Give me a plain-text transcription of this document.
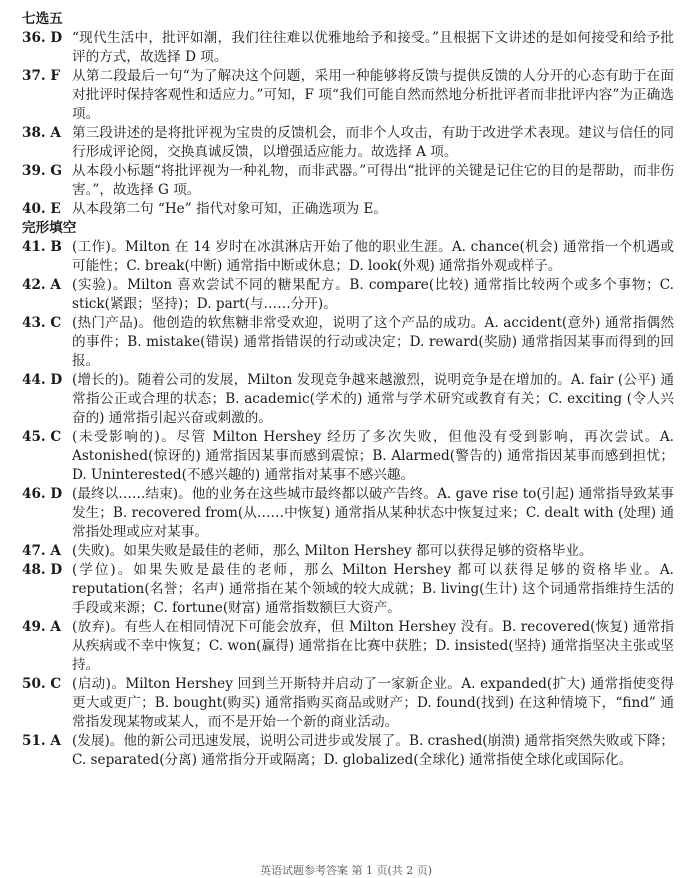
七选五

36. D “现代生活中，批评如潮，我们往往难以优雅地给予和接受。”且根据下文讲述的是如何接受和给予批评的方式，故选择 D 项。
37. F 从第二段最后一句“为了解决这个问题，采用一种能够将反馈与提供反馈的人分开的心态有助于在面对批评时保持客观性和适应力。”可知，F 项“我们可能自然而然地分析批评者而非批评内容”为正确选项。
38. A 第三段讲述的是将批评视为宝贵的反馈机会，而非个人攻击，有助于改进学术表现。建议与信任的同行形成评论阅，交换真诚反馈，以增强适应能力。故选择 A 项。
39. G 从本段小标题“将批评视为一种礼物，而非武器。”可得出“批评的关键是记住它的目的是帮助，而非伤害。”，故选择 G 项。
40. E 从本段第二句 “He” 指代对象可知，正确选项为 E。

完形填空

41. B (工作)。Milton 在 14 岁时在冰淇淋店开始了他的职业生涯。A. chance(机会) 通常指一个机遇或可能性；C. break(中断) 通常指中断或休息；D. look(外观) 通常指外观或样子。
42. A (实验)。Milton 喜欢尝试不同的糖果配方。B. compare(比较) 通常指比较两个或多个事物；C. stick(紧跟；坚持)；D. part(与……分开)。
43. C (热门产品)。他创造的软焦糖非常受欢迎，说明了这个产品的成功。A. accident(意外) 通常指偶然的事件；B. mistake(错误) 通常指错误的行动或决定；D. reward(奖励) 通常指因某事而得到的回报。
44. D (增长的)。随着公司的发展，Milton 发现竞争越来越激烈，说明竞争是在增加的。A. fair (公平) 通常指公正或合理的状态；B. academic(学术的) 通常与学术研究或教育有关；C. exciting (令人兴奋的) 通常指引起兴奋或刺激的。
45. C (未受影响的)。尽管 Milton Hershey 经历了多次失败，但他没有受到影响，再次尝试。A. Astonished(惊讶的) 通常指因某事而感到震惊；B. Alarmed(警告的) 通常指因某事而感到担忧；D. Uninterested(不感兴趣的) 通常指对某事不感兴趣。
46. D (最终以……结束)。他的业务在这些城市最终都以破产告终。A. gave rise to(引起) 通常指导致某事发生；B. recovered from(从……中恢复) 通常指从某种状态中恢复过来；C. dealt with (处理) 通常指处理或应对某事。
47. A (失败)。如果失败是最佳的老师，那么 Milton Hershey 都可以获得足够的资格毕业。
48. D (学位)。如果失败是最佳的老师，那么 Milton Hershey 都可以获得足够的资格毕业。A. reputation(名誉；名声) 通常指在某个领域的较大成就；B. living(生计) 这个词通常指维持生活的手段或来源；C. fortune(财富) 通常指数额巨大资产。
49. A (放弃)。有些人在相同情况下可能会放弃，但 Milton Hershey 没有。B. recovered(恢复) 通常指从疾病或不幸中恢复；C. won(赢得) 通常指在比赛中获胜；D. insisted(坚持) 通常指坚决主张或坚持。
50. C (启动)。Milton Hershey 回到兰开斯特并启动了一家新企业。A. expanded(扩大) 通常指使变得更大或更广；B. bought(购买) 通常指购买商品或财产；D. found(找到) 在这种情境下，“find” 通常指发现某物或某人，而不是开始一个新的商业活动。
51. A (发展)。他的新公司迅速发展，说明公司进步或发展了。B. crashed(崩溃) 通常指突然失败或下降；C. separated(分离) 通常指分开或隔离；D. globalized(全球化) 通常指使全球化或国际化。
英语试题参考答案 第 1 页(共 2 页)
